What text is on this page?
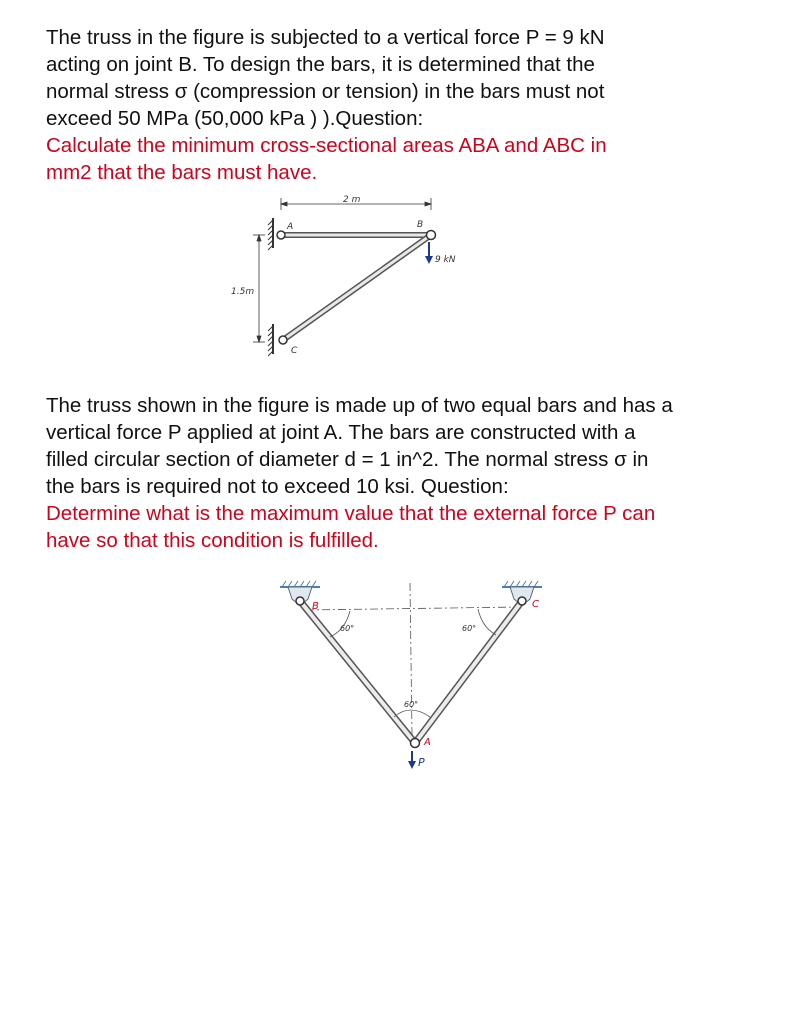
The truss in the figure is subjected to a vertical force P = 9 kN
acting on joint B. To design the bars, it is determined that the
normal stress σ (compression or tension) in the bars must not
exceed 50 MPa (50,000 kPa ) ).Question:
Calculate the minimum cross-sectional areas ABA and ABC in
mm2 that the bars must have.
2 m
1.5m
A	B
C
9 kN
The truss shown in the figure is made up of two equal bars and has a
vertical force P applied at joint A. The bars are constructed with a
filled circular section of diameter d = 1 in^2. The normal stress σ in
the bars is required not to exceed 10 ksi. Question:
Determine what is the maximum value that the external force P can
have so that this condition is fulfilled.
60°	60°
60°
B	C
A
P
